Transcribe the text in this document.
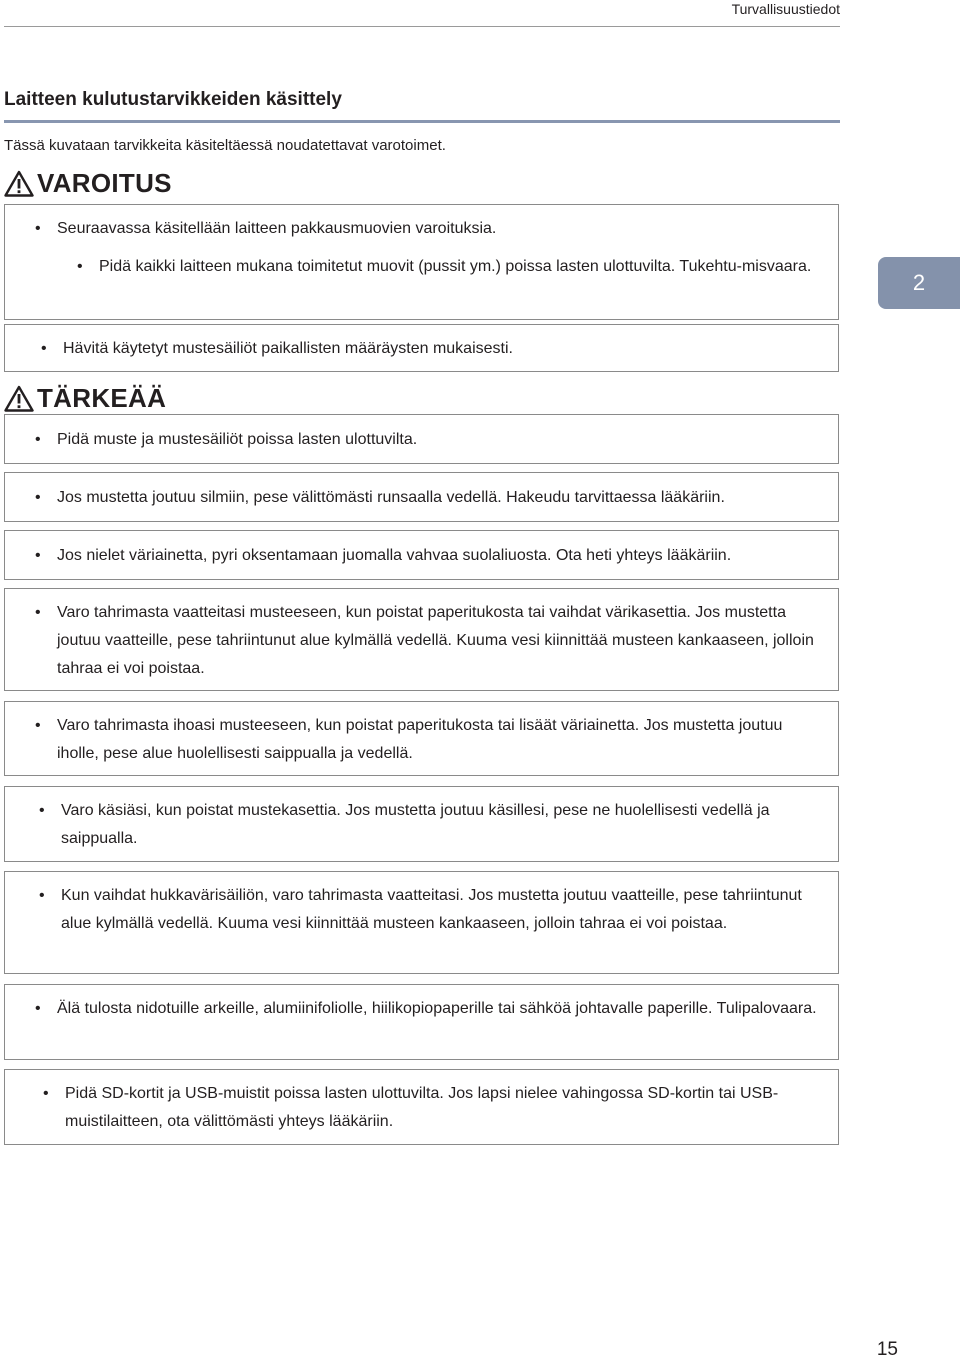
Turvallisuustiedot
Laitteen kulutustarvikkeiden käsittely
Tässä kuvataan tarvikkeita käsiteltäessä noudatettavat varotoimet.
VAROITUS
•	Seuraavassa käsitellään laitteen pakkausmuovien varoituksia.
•	Pidä kaikki laitteen mukana toimitetut muovit (pussit ym.) poissa lasten ulottuvilta. Tukehtu-misvaara.
•	Hävitä käytetyt mustesäiliöt paikallisten määräysten mukaisesti.
TÄRKEÄÄ
•	Pidä muste ja mustesäiliöt poissa lasten ulottuvilta.
•	Jos mustetta joutuu silmiin, pese välittömästi runsaalla vedellä. Hakeudu tarvittaessa lääkäriin.
•	Jos nielet väriainetta, pyri oksentamaan juomalla vahvaa suolaliuosta. Ota heti yhteys lääkäriin.
•	Varo tahrimasta vaatteitasi musteeseen, kun poistat paperitukosta tai vaihdat värikasettia. Jos mustetta joutuu vaatteille, pese tahriintunut alue kylmällä vedellä. Kuuma vesi kiinnittää musteen kankaaseen, jolloin tahraa ei voi poistaa.
•	Varo tahrimasta ihoasi musteeseen, kun poistat paperitukosta tai lisäät väriainetta. Jos mustetta joutuu iholle, pese alue huolellisesti saippualla ja vedellä.
•	Varo käsiäsi, kun poistat mustekasettia. Jos mustetta joutuu käsillesi, pese ne huolellisesti vedellä ja saippualla.
•	Kun vaihdat hukkavärisäiliön, varo tahrimasta vaatteitasi. Jos mustetta joutuu vaatteille, pese tahriintunut alue kylmällä vedellä. Kuuma vesi kiinnittää musteen kankaaseen, jolloin tahraa ei voi poistaa.
•	Älä tulosta nidotuille arkeille, alumiinifoliolle, hiilikopiopaperille tai sähköä johtavalle paperille. Tulipalovaara.
•	Pidä SD-kortit ja USB-muistit poissa lasten ulottuvilta. Jos lapsi nielee vahingossa SD-kortin tai USB-muistilaitteen, ota välittömästi yhteys lääkäriin.
2
15
